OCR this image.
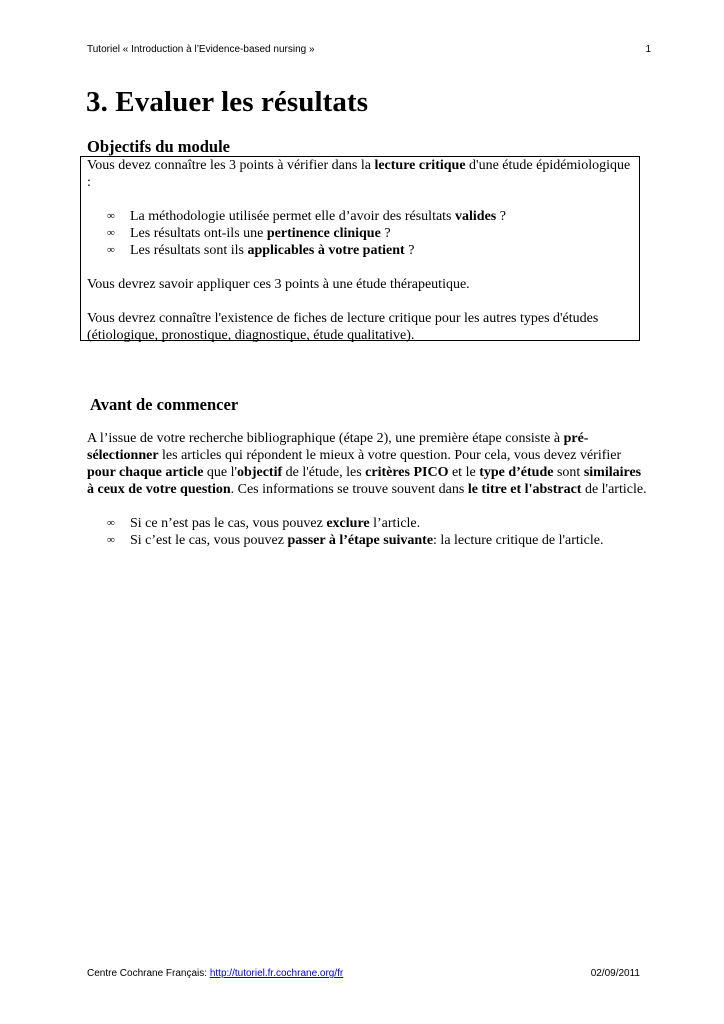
Tutoriel « Introduction à l’Evidence-based nursing »	1
3. Evaluer les résultats
Objectifs du module

Vous devez connaître les 3 points à vérifier dans la lecture critique d'une étude épidémiologique :

∞ La méthodologie utilisée permet elle d’avoir des résultats valides ?
∞ Les résultats ont-ils une pertinence clinique ?
∞ Les résultats sont ils applicables à votre patient ?

Vous devrez savoir appliquer ces 3 points à une étude thérapeutique.

Vous devrez connaître l'existence de fiches de lecture critique pour les autres types d'études (étiologique, pronostique, diagnostique, étude qualitative).

Avant de commencer

A l’issue de votre recherche bibliographique (étape 2), une première étape consiste à pré-sélectionner les articles qui répondent le mieux à votre question. Pour cela, vous devez vérifier pour chaque article que l'objectif de l'étude, les critères PICO et le type d’étude sont similaires à ceux de votre question. Ces informations se trouve souvent dans le titre et l'abstract de l'article.

∞ Si ce n’est pas le cas, vous pouvez exclure l’article.
∞ Si c’est le cas, vous pouvez passer à l’étape suivante: la lecture critique de l'article.
Centre Cochrane Français: http://tutoriel.fr.cochrane.org/fr	02/09/2011
